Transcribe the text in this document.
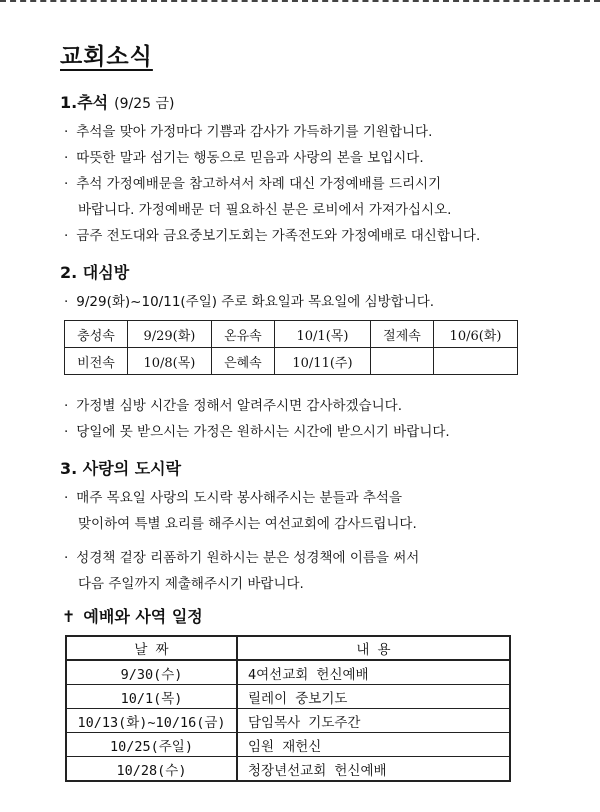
교회소식
1.추석 (9/25 금)
· 추석을 맞아 가정마다 기쁨과 감사가 가득하기를 기원합니다.
· 따뜻한 말과 섬기는 행동으로 믿음과 사랑의 본을 보입시다.
· 추석 가정예배문을 참고하셔서 차례 대신 가정예배를 드리시기
바랍니다. 가정예배문 더 필요하신 분은 로비에서 가져가십시오.
· 금주 전도대와 금요중보기도회는 가족전도와 가정예배로 대신합니다.
2. 대심방
· 9/29(화)~10/11(주일) 주로 화요일과 목요일에 심방합니다.
충성속	9/29(화)	온유속	10/1(목)	절제속	10/6(화)
비전속	10/8(목)	은혜속	10/11(주)		
· 가정별 심방 시간을 정해서 알려주시면 감사하겠습니다.
· 당일에 못 받으시는 가정은 원하시는 시간에 받으시기 바랍니다.
3. 사랑의 도시락
· 매주 목요일 사랑의 도시락 봉사해주시는 분들과 추석을
맞이하여 특별 요리를 해주시는 여선교회에 감사드립니다.
· 성경책 겉장 리폼하기 원하시는 분은 성경책에 이름을 써서
다음 주일까지 제출해주시기 바랍니다.
✝ 예배와 사역 일정
날 짜	내 용
9/30(수)	4여선교회 헌신예배
10/1(목)	릴레이 중보기도
10/13(화)~10/16(금)	담임목사 기도주간
10/25(주일)	임원 재헌신
10/28(수)	청장년선교회 헌신예배
